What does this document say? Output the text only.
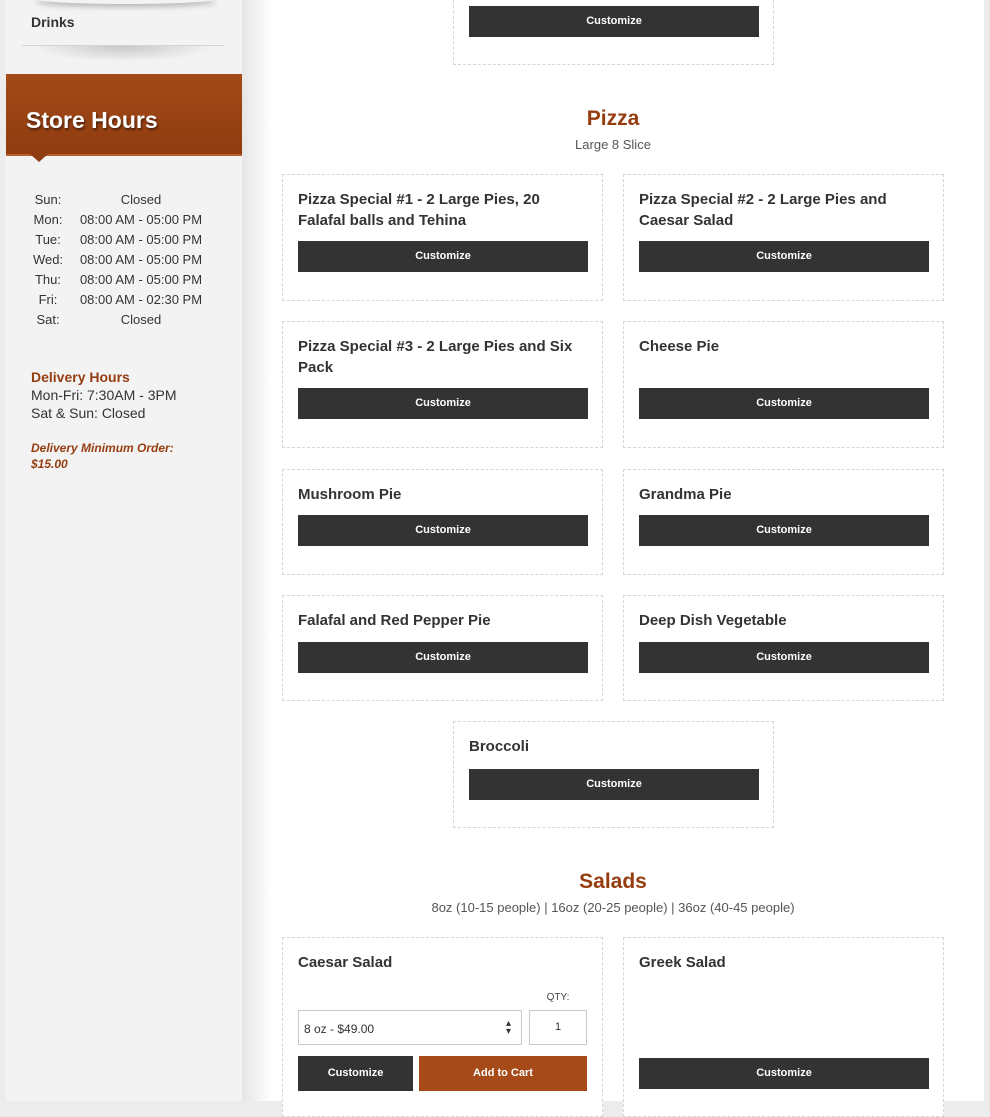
Drinks
Store Hours
Sun:	Closed
Mon:	08:00 AM - 05:00 PM
Tue:	08:00 AM - 05:00 PM
Wed:	08:00 AM - 05:00 PM
Thu:	08:00 AM - 05:00 PM
Fri:	08:00 AM - 02:30 PM
Sat:	Closed
Delivery Hours
Mon-Fri: 7:30AM - 3PM
Sat & Sun: Closed
Delivery Minimum Order: $15.00
Customize
Pizza
Large 8 Slice
Pizza Special #1 - 2 Large Pies, 20 Falafal balls and Tehina
Customize
Pizza Special #2 - 2 Large Pies and Caesar Salad
Customize
Pizza Special #3 - 2 Large Pies and Six Pack
Customize
Cheese Pie
Customize
Mushroom Pie
Customize
Grandma Pie
Customize
Falafal and Red Pepper Pie
Customize
Deep Dish Vegetable
Customize
Broccoli
Customize
Salads
8oz (10-15 people) | 16oz (20-25 people) | 36oz (40-45 people)
Caesar Salad
QTY:
8 oz - $49.00	▴
▾	1
Customize	Add to Cart
Greek Salad
Customize
